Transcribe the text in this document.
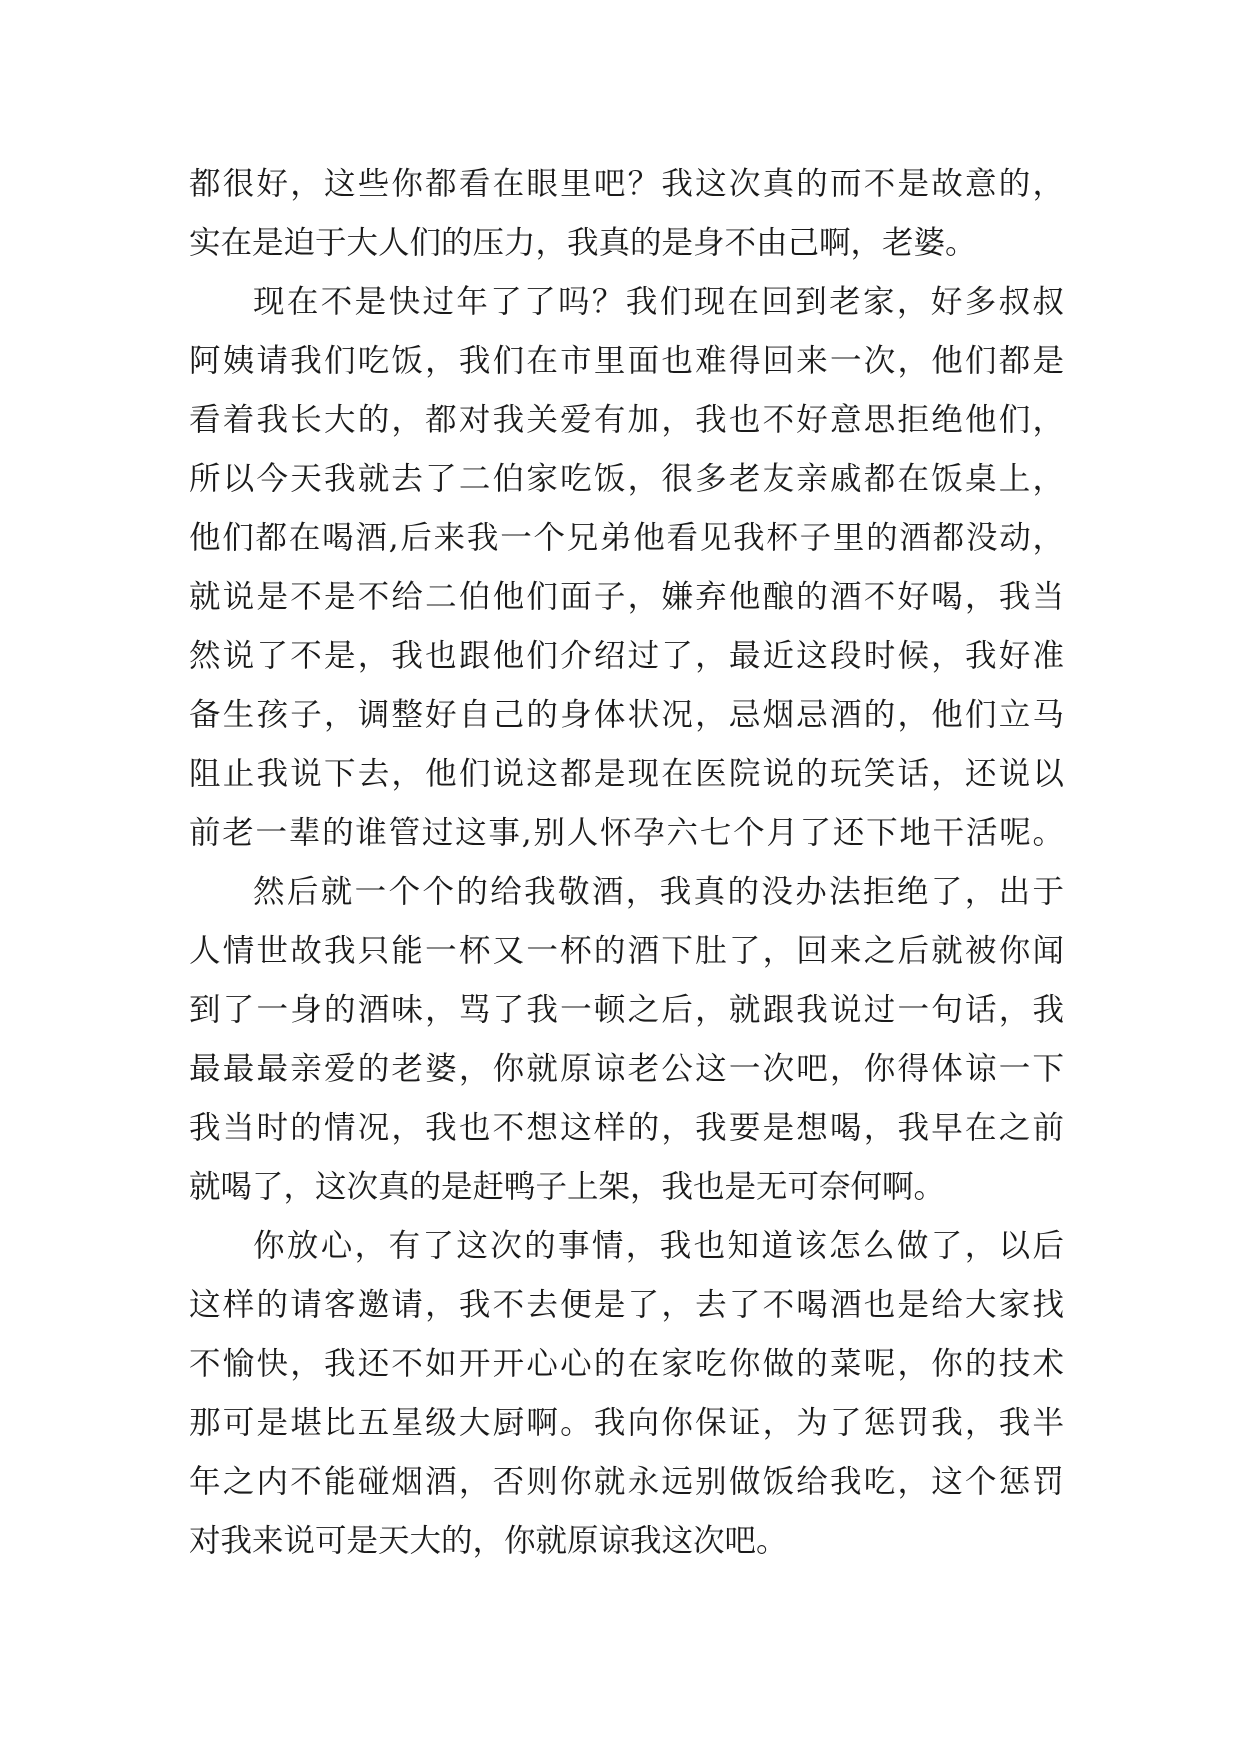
都很好，这些你都看在眼里吧？我这次真的而不是故意的，
实在是迫于大人们的压力，我真的是身不由己啊，老婆。
现在不是快过年了了吗？我们现在回到老家，好多叔叔
阿姨请我们吃饭，我们在市里面也难得回来一次，他们都是
看着我长大的，都对我关爱有加，我也不好意思拒绝他们，
所以今天我就去了二伯家吃饭，很多老友亲戚都在饭桌上，
他们都在喝酒,后来我一个兄弟他看见我杯子里的酒都没动，
就说是不是不给二伯他们面子，嫌弃他酿的酒不好喝，我当
然说了不是，我也跟他们介绍过了，最近这段时候，我好准
备生孩子，调整好自己的身体状况，忌烟忌酒的，他们立马
阻止我说下去，他们说这都是现在医院说的玩笑话，还说以
前老一辈的谁管过这事,别人怀孕六七个月了还下地干活呢。
然后就一个个的给我敬酒，我真的没办法拒绝了，出于
人情世故我只能一杯又一杯的酒下肚了，回来之后就被你闻
到了一身的酒味，骂了我一顿之后，就跟我说过一句话，我
最最最亲爱的老婆，你就原谅老公这一次吧，你得体谅一下
我当时的情况，我也不想这样的，我要是想喝，我早在之前
就喝了，这次真的是赶鸭子上架，我也是无可奈何啊。
你放心，有了这次的事情，我也知道该怎么做了，以后
这样的请客邀请，我不去便是了，去了不喝酒也是给大家找
不愉快，我还不如开开心心的在家吃你做的菜呢，你的技术
那可是堪比五星级大厨啊。我向你保证，为了惩罚我，我半
年之内不能碰烟酒，否则你就永远别做饭给我吃，这个惩罚
对我来说可是天大的，你就原谅我这次吧。
